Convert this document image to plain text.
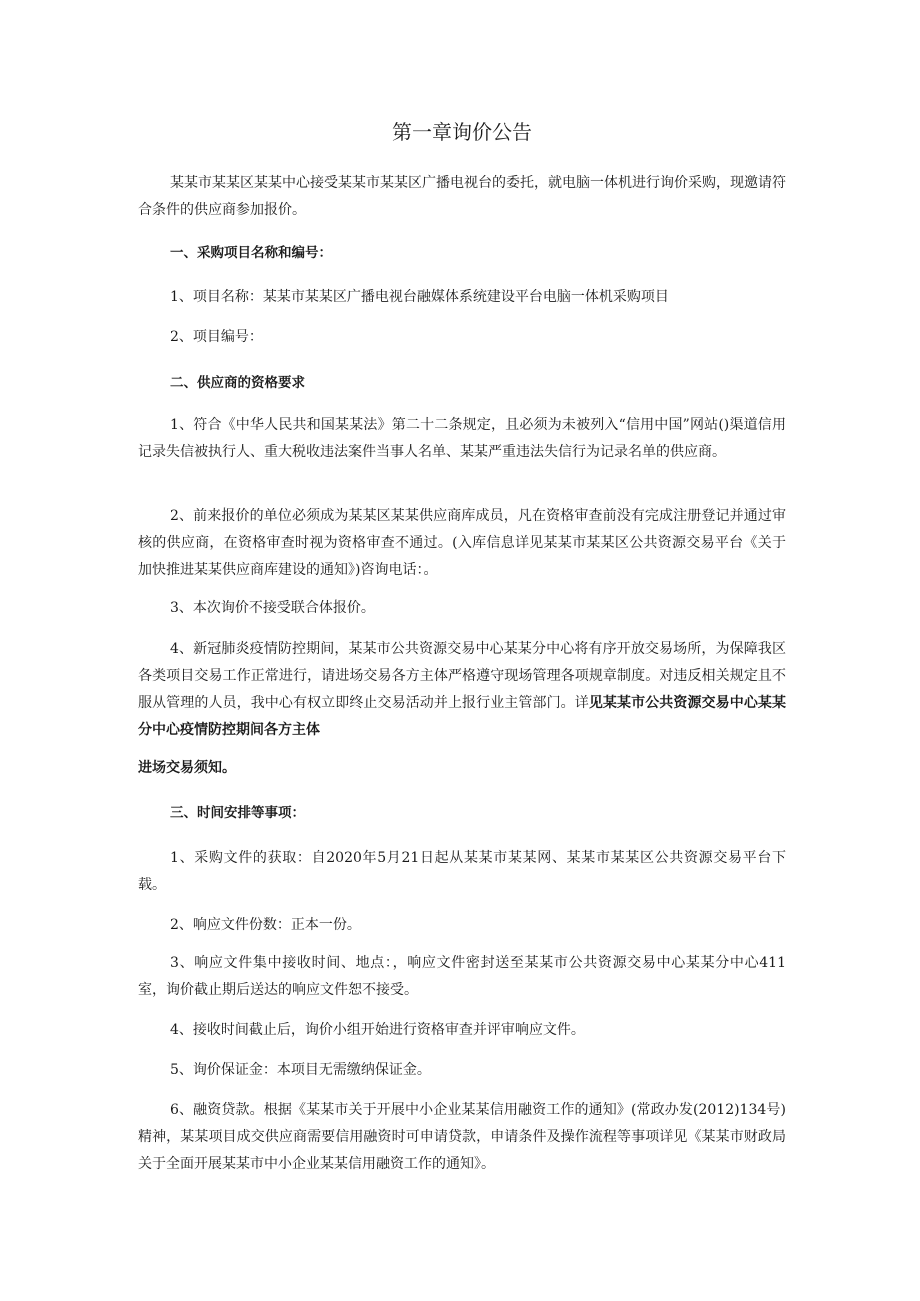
第一章询价公告

某某市某某区某某中心接受某某市某某区广播电视台的委托，就电脑一体机进行询价采购，现邀请符合条件的供应商参加报价。

一、采购项目名称和编号：

1、项目名称：某某市某某区广播电视台融媒体系统建设平台电脑一体机采购项目

2、项目编号：

二、供应商的资格要求

1、符合《中华人民共和国某某法》第二十二条规定，且必须为未被列入“信用中国”网站()渠道信用记录失信被执行人、重大税收违法案件当事人名单、某某严重违法失信行为记录名单的供应商。

2、前来报价的单位必须成为某某区某某供应商库成员，凡在资格审查前没有完成注册登记并通过审核的供应商，在资格审查时视为资格审查不通过。(入库信息详见某某市某某区公共资源交易平台《关于加快推进某某供应商库建设的通知》)咨询电话：。

3、本次询价不接受联合体报价。

4、新冠肺炎疫情防控期间，某某市公共资源交易中心某某分中心将有序开放交易场所，为保障我区各类项目交易工作正常进行，请进场交易各方主体严格遵守现场管理各项规章制度。对违反相关规定且不服从管理的人员，我中心有权立即终止交易活动并上报行业主管部门。详见某某市公共资源交易中心某某分中心疫情防控期间各方主体

进场交易须知。

三、时间安排等事项：

1、采购文件的获取：自2020年5月21日起从某某市某某网、某某市某某区公共资源交易平台下载。

2、响应文件份数：正本一份。

3、响应文件集中接收时间、地点：，响应文件密封送至某某市公共资源交易中心某某分中心411室，询价截止期后送达的响应文件恕不接受。

4、接收时间截止后，询价小组开始进行资格审查并评审响应文件。

5、询价保证金：本项目无需缴纳保证金。

6、融资贷款。根据《某某市关于开展中小企业某某信用融资工作的通知》(常政办发(2012)134号)精神，某某项目成交供应商需要信用融资时可申请贷款，申请条件及操作流程等事项详见《某某市财政局关于全面开展某某市中小企业某某信用融资工作的通知》。
